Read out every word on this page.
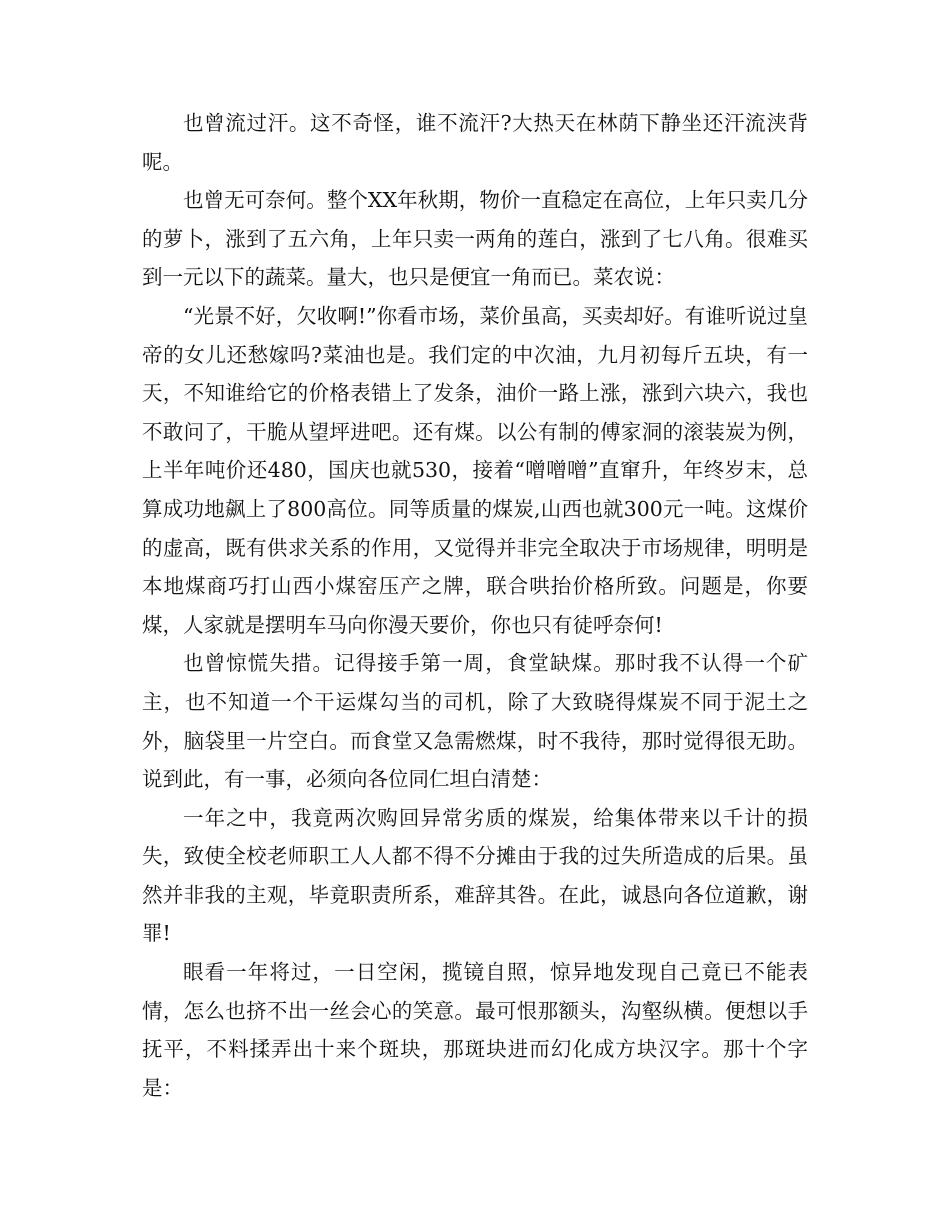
也曾流过汗。这不奇怪，谁不流汗?大热天在林荫下静坐还汗流浃背呢。

也曾无可奈何。整个XX年秋期，物价一直稳定在高位，上年只卖几分的萝卜，涨到了五六角，上年只卖一两角的莲白，涨到了七八角。很难买到一元以下的蔬菜。量大，也只是便宜一角而已。菜农说：

“光景不好，欠收啊!”你看市场，菜价虽高，买卖却好。有谁听说过皇帝的女儿还愁嫁吗?菜油也是。我们定的中次油，九月初每斤五块，有一天，不知谁给它的价格表错上了发条，油价一路上涨，涨到六块六，我也不敢问了，干脆从望坪进吧。还有煤。以公有制的傅家洞的滚装炭为例，上半年吨价还480，国庆也就530，接着“噌噌噌”直窜升，年终岁末，总算成功地飙上了800高位。同等质量的煤炭,山西也就300元一吨。这煤价的虚高，既有供求关系的作用，又觉得并非完全取决于市场规律，明明是本地煤商巧打山西小煤窑压产之牌，联合哄抬价格所致。问题是，你要煤，人家就是摆明车马向你漫天要价，你也只有徒呼奈何!

也曾惊慌失措。记得接手第一周，食堂缺煤。那时我不认得一个矿主，也不知道一个干运煤勾当的司机，除了大致晓得煤炭不同于泥土之外，脑袋里一片空白。而食堂又急需燃煤，时不我待，那时觉得很无助。说到此，有一事，必须向各位同仁坦白清楚：

一年之中，我竟两次购回异常劣质的煤炭，给集体带来以千计的损失，致使全校老师职工人人都不得不分摊由于我的过失所造成的后果。虽然并非我的主观，毕竟职责所系，难辞其咎。在此，诚恳向各位道歉，谢罪!

眼看一年将过，一日空闲，揽镜自照，惊异地发现自己竟已不能表情，怎么也挤不出一丝会心的笑意。最可恨那额头，沟壑纵横。便想以手抚平，不料揉弄出十来个斑块，那斑块进而幻化成方块汉字。那十个字是：
